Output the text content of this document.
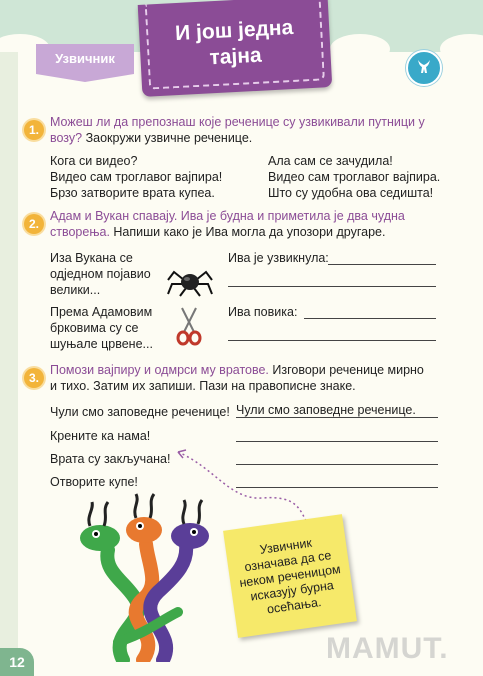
Узвичник
И још једна
тајна
1.
Можеш ли да препознаш које реченице су узвикивали путници у возу? Заокружи узвичне реченице.
Кога си видео?
Видео сам троглавог вајпира!
Брзо затворите врата купеа.
Ала сам се зачудила!
Видео сам троглавог вајпира.
Што су удобна ова седишта!
2.
Адам и Вукан спавају. Ива је будна и приметила је два чудна створења. Напиши како је Ива могла да упозори другаре.
Иза Вукана се
одједном појавио
велики...
Ива је узвикнула:
Према Адамовим
брковима су се
шуњале црвене...
Ива повика:
3.
Помози вајпиру и одмрси му вратове. Изговори реченице мирно и тихо. Затим их запиши. Пази на правописне знаке.
Чули смо заповедне реченице!
Кренитe ка нама!
Врата су закључана!
Отворите купе!
Чули смо заповедне реченице.
Узвичник означава да се неком реченицом исказују бурна осећања.
12	MAMUT.
